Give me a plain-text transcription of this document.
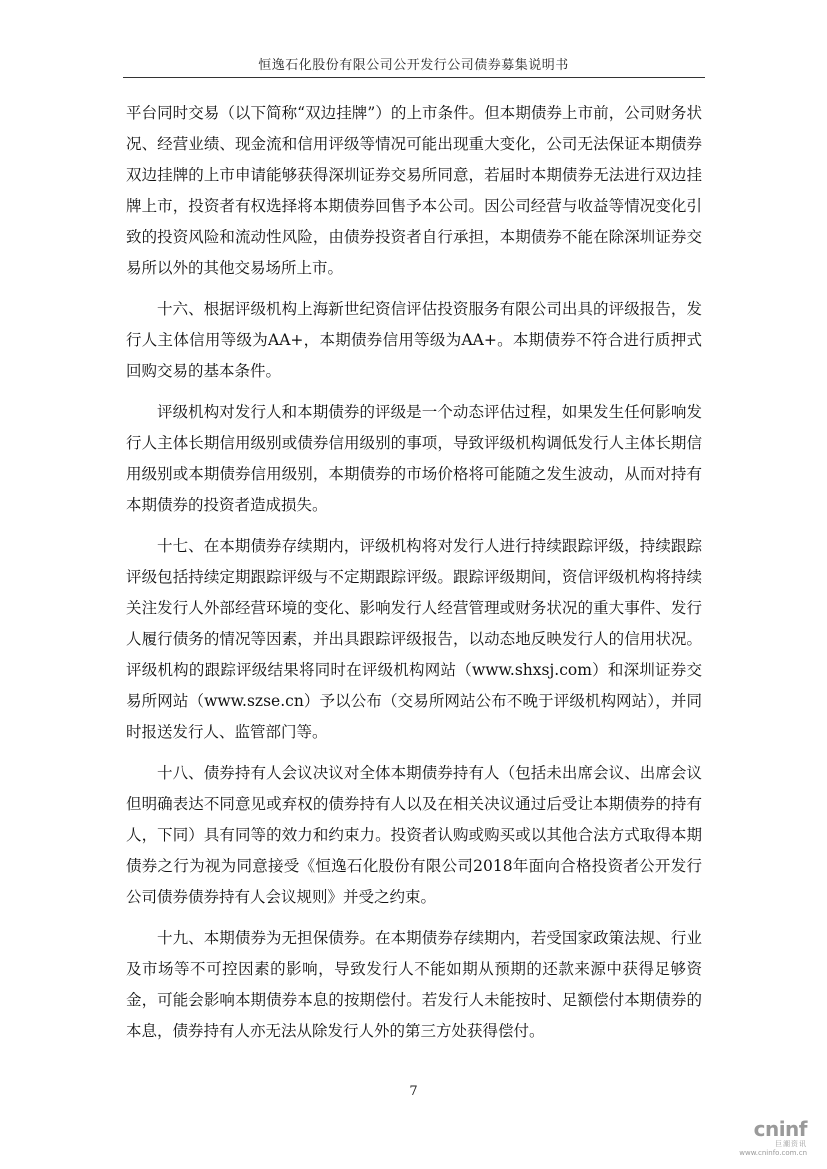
恒逸石化股份有限公司公开发行公司债券募集说明书

平台同时交易（以下简称“双边挂牌”）的上市条件。但本期债券上市前，公司财务状况、经营业绩、现金流和信用评级等情况可能出现重大变化，公司无法保证本期债券双边挂牌的上市申请能够获得深圳证券交易所同意，若届时本期债券无法进行双边挂牌上市，投资者有权选择将本期债券回售予本公司。因公司经营与收益等情况变化引致的投资风险和流动性风险，由债券投资者自行承担，本期债券不能在除深圳证券交易所以外的其他交易场所上市。

十六、根据评级机构上海新世纪资信评估投资服务有限公司出具的评级报告，发行人主体信用等级为AA+，本期债券信用等级为AA+。本期债券不符合进行质押式回购交易的基本条件。

评级机构对发行人和本期债券的评级是一个动态评估过程，如果发生任何影响发行人主体长期信用级别或债券信用级别的事项，导致评级机构调低发行人主体长期信用级别或本期债券信用级别，本期债券的市场价格将可能随之发生波动，从而对持有本期债券的投资者造成损失。

十七、在本期债券存续期内，评级机构将对发行人进行持续跟踪评级，持续跟踪评级包括持续定期跟踪评级与不定期跟踪评级。跟踪评级期间，资信评级机构将持续关注发行人外部经营环境的变化、影响发行人经营管理或财务状况的重大事件、发行人履行债务的情况等因素，并出具跟踪评级报告，以动态地反映发行人的信用状况。评级机构的跟踪评级结果将同时在评级机构网站（www.shxsj.com）和深圳证券交易所网站（www.szse.cn）予以公布（交易所网站公布不晚于评级机构网站），并同时报送发行人、监管部门等。

十八、债券持有人会议决议对全体本期债券持有人（包括未出席会议、出席会议但明确表达不同意见或弃权的债券持有人以及在相关决议通过后受让本期债券的持有人，下同）具有同等的效力和约束力。投资者认购或购买或以其他合法方式取得本期债券之行为视为同意接受《恒逸石化股份有限公司2018年面向合格投资者公开发行公司债券债券持有人会议规则》并受之约束。

十九、本期债券为无担保债券。在本期债券存续期内，若受国家政策法规、行业及市场等不可控因素的影响，导致发行人不能如期从预期的还款来源中获得足够资金，可能会影响本期债券本息的按期偿付。若发行人未能按时、足额偿付本期债券的本息，债券持有人亦无法从除发行人外的第三方处获得偿付。

7
cninf
巨潮资讯
www.cninfo.com.cn
